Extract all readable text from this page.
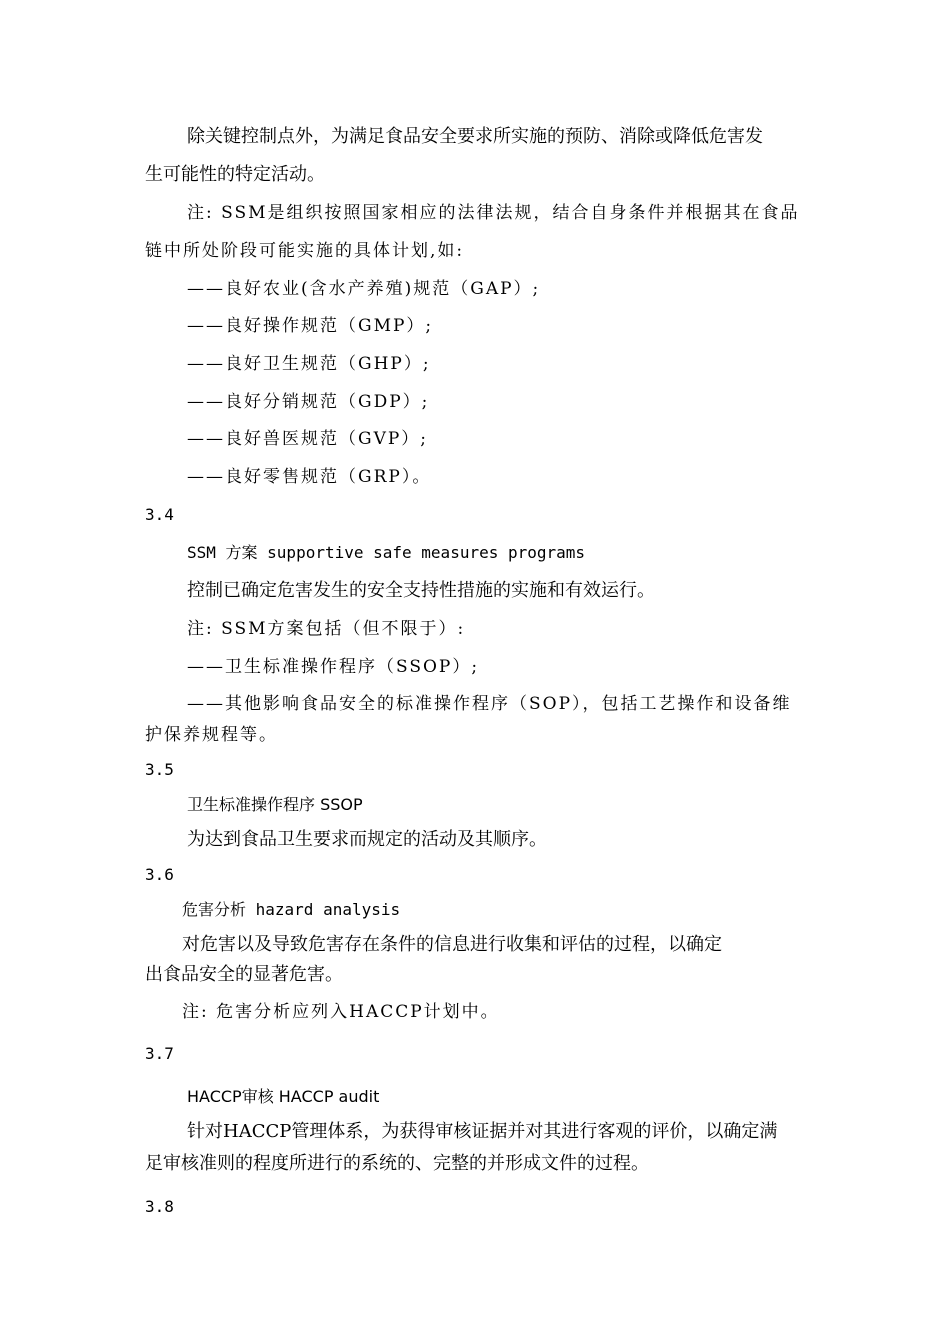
除关键控制点外，为满足食品安全要求所实施的预防、消除或降低危害发
生可能性的特定活动。
注: SSM是组织按照国家相应的法律法规，结合自身条件并根据其在食品
链中所处阶段可能实施的具体计划,如:
——良好农业(含水产养殖)规范（GAP）;
——良好操作规范（GMP）;
——良好卫生规范（GHP）;
——良好分销规范（GDP）;
——良好兽医规范（GVP）;
——良好零售规范（GRP）。
3.4
SSM 方案 supportive safe measures programs
控制已确定危害发生的安全支持性措施的实施和有效运行。
注: SSM方案包括（但不限于）:
——卫生标准操作程序（SSOP）;
——其他影响食品安全的标准操作程序（SOP），包括工艺操作和设备维
护保养规程等。
3.5
卫生标准操作程序 SSOP
为达到食品卫生要求而规定的活动及其顺序。
3.6
危害分析 hazard analysis
对危害以及导致危害存在条件的信息进行收集和评估的过程，以确定
出食品安全的显著危害。
注: 危害分析应列入HACCP计划中。
3.7
HACCP审核 HACCP audit
针对HACCP管理体系，为获得审核证据并对其进行客观的评价，以确定满
足审核准则的程度所进行的系统的、完整的并形成文件的过程。
3.8
